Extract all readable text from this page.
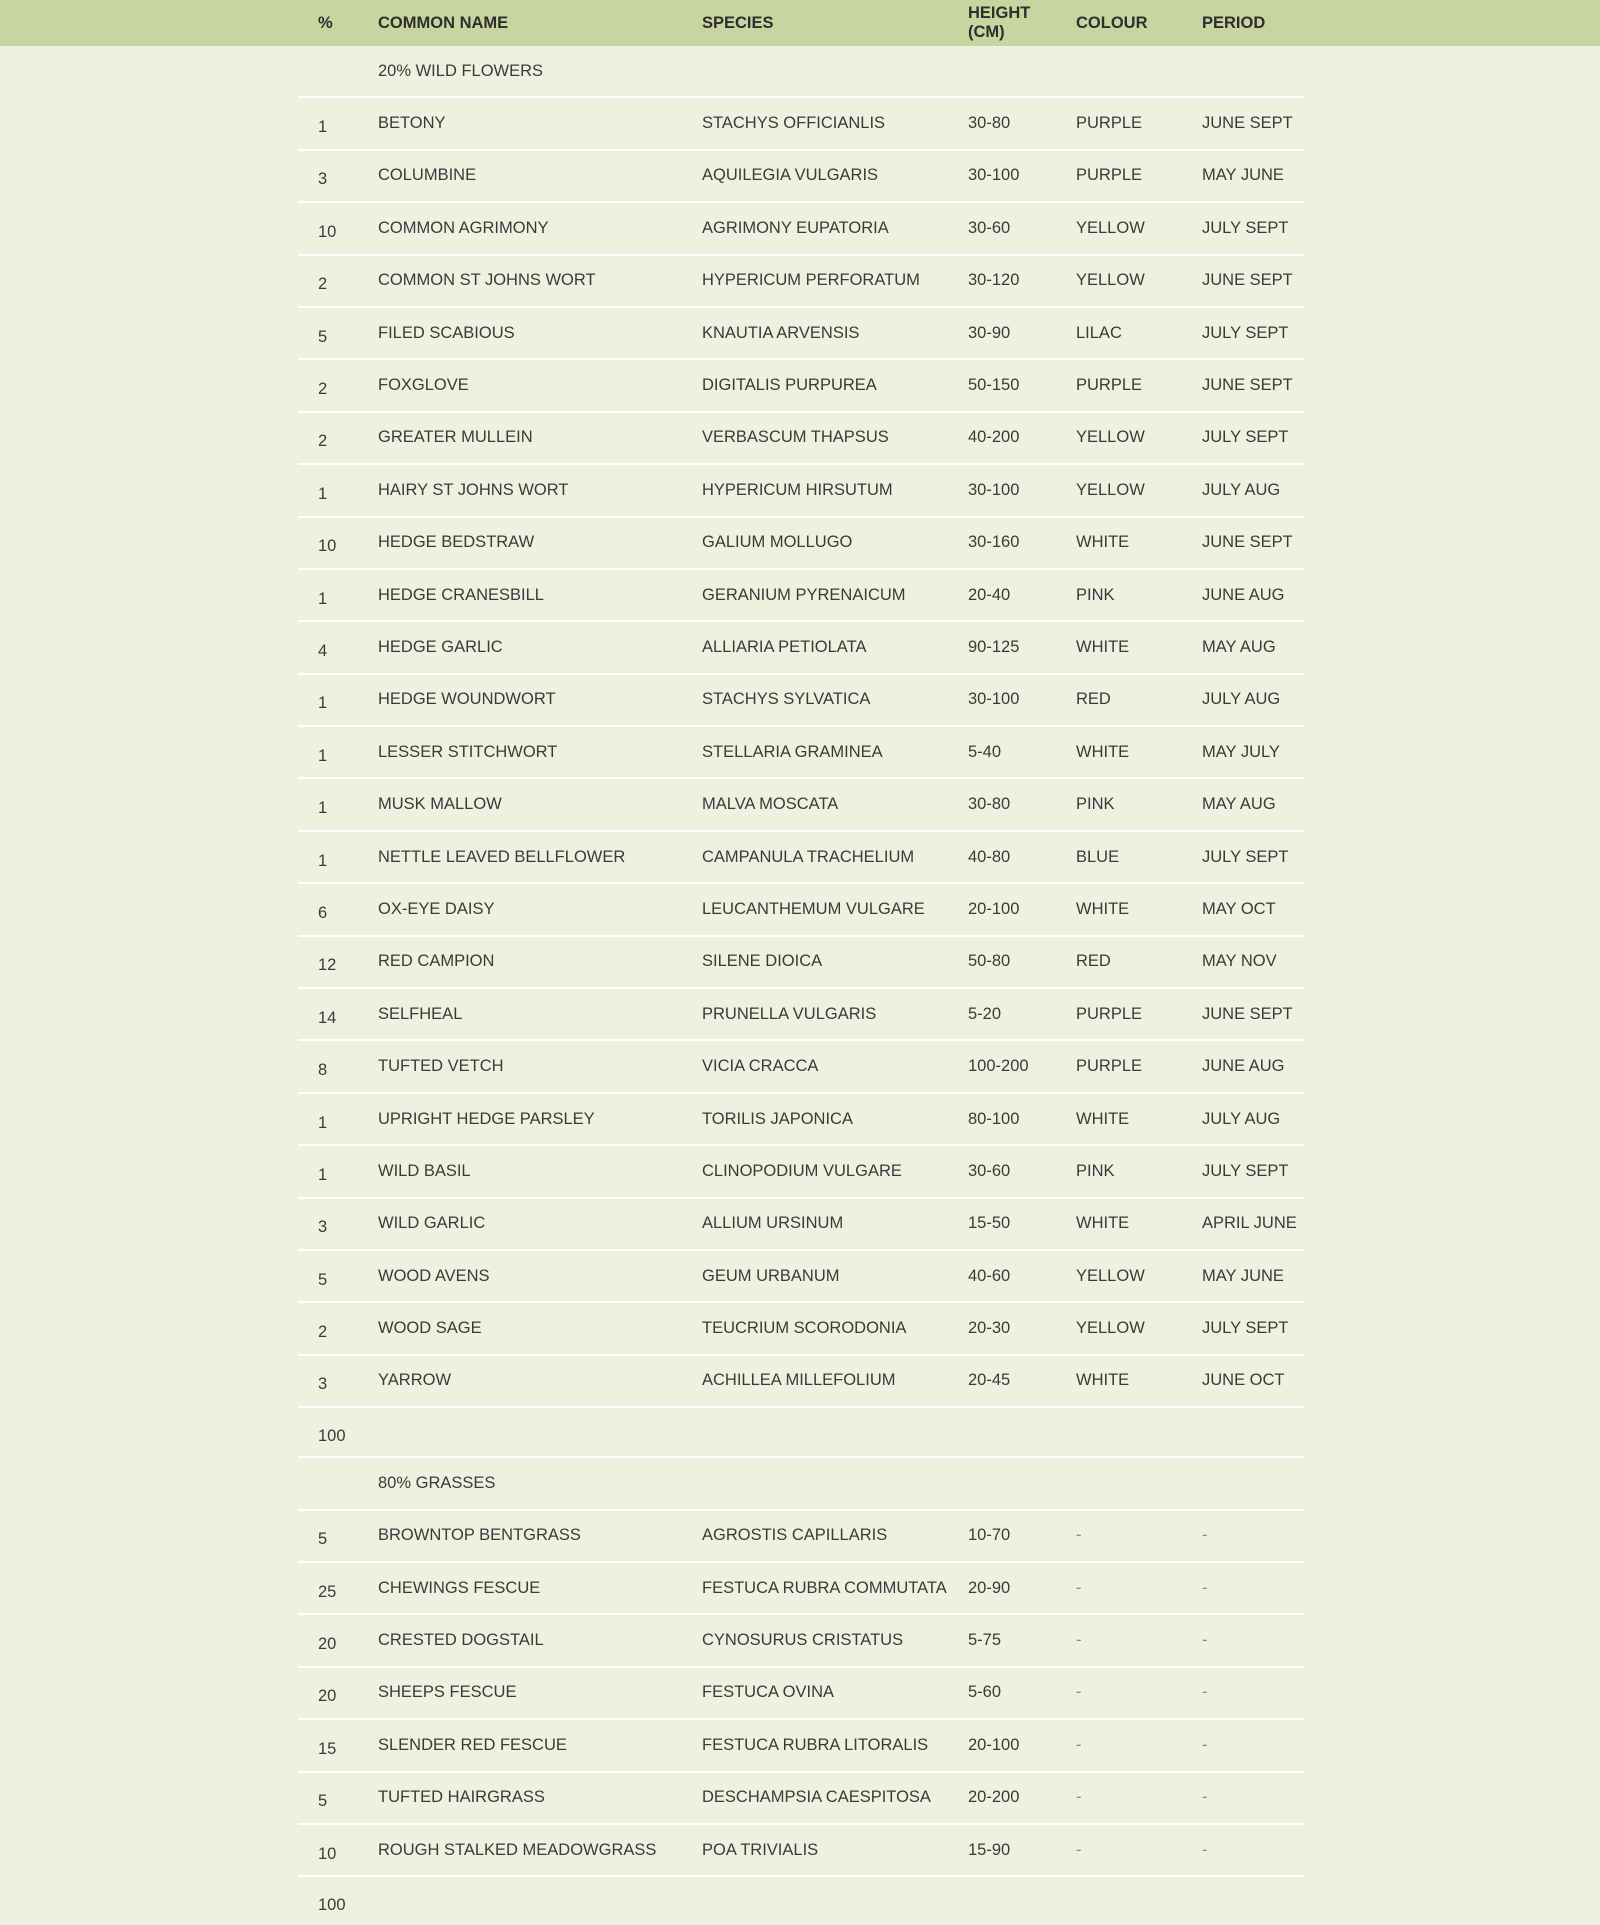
%	COMMON NAME	SPECIES	HEIGHT (CM)	COLOUR	PERIOD
	20% WILD FLOWERS				
1	BETONY	STACHYS OFFICIANLIS	30-80	PURPLE	JUNE SEPT
3	COLUMBINE	AQUILEGIA VULGARIS	30-100	PURPLE	MAY JUNE
10	COMMON AGRIMONY	AGRIMONY EUPATORIA	30-60	YELLOW	JULY SEPT
2	COMMON ST JOHNS WORT	HYPERICUM PERFORATUM	30-120	YELLOW	JUNE SEPT
5	FILED SCABIOUS	KNAUTIA ARVENSIS	30-90	LILAC	JULY SEPT
2	FOXGLOVE	DIGITALIS PURPUREA	50-150	PURPLE	JUNE SEPT
2	GREATER MULLEIN	VERBASCUM THAPSUS	40-200	YELLOW	JULY SEPT
1	HAIRY ST JOHNS WORT	HYPERICUM HIRSUTUM	30-100	YELLOW	JULY AUG
10	HEDGE BEDSTRAW	GALIUM MOLLUGO	30-160	WHITE	JUNE SEPT
1	HEDGE CRANESBILL	GERANIUM PYRENAICUM	20-40	PINK	JUNE AUG
4	HEDGE GARLIC	ALLIARIA PETIOLATA	90-125	WHITE	MAY AUG
1	HEDGE WOUNDWORT	STACHYS SYLVATICA	30-100	RED	JULY AUG
1	LESSER STITCHWORT	STELLARIA GRAMINEA	5-40	WHITE	MAY JULY
1	MUSK MALLOW	MALVA MOSCATA	30-80	PINK	MAY AUG
1	NETTLE LEAVED BELLFLOWER	CAMPANULA TRACHELIUM	40-80	BLUE	JULY SEPT
6	OX-EYE DAISY	LEUCANTHEMUM VULGARE	20-100	WHITE	MAY OCT
12	RED CAMPION	SILENE DIOICA	50-80	RED	MAY NOV
14	SELFHEAL	PRUNELLA VULGARIS	5-20	PURPLE	JUNE SEPT
8	TUFTED VETCH	VICIA CRACCA	100-200	PURPLE	JUNE AUG
1	UPRIGHT HEDGE PARSLEY	TORILIS JAPONICA	80-100	WHITE	JULY AUG
1	WILD BASIL	CLINOPODIUM VULGARE	30-60	PINK	JULY SEPT
3	WILD GARLIC	ALLIUM URSINUM	15-50	WHITE	APRIL JUNE
5	WOOD AVENS	GEUM URBANUM	40-60	YELLOW	MAY JUNE
2	WOOD SAGE	TEUCRIUM SCORODONIA	20-30	YELLOW	JULY SEPT
3	YARROW	ACHILLEA MILLEFOLIUM	20-45	WHITE	JUNE OCT
100					
	80% GRASSES				
5	BROWNTOP BENTGRASS	AGROSTIS CAPILLARIS	10-70	-	-
25	CHEWINGS FESCUE	FESTUCA RUBRA COMMUTATA	20-90	-	-
20	CRESTED DOGSTAIL	CYNOSURUS CRISTATUS	5-75	-	-
20	SHEEPS FESCUE	FESTUCA OVINA	5-60	-	-
15	SLENDER RED FESCUE	FESTUCA RUBRA LITORALIS	20-100	-	-
5	TUFTED HAIRGRASS	DESCHAMPSIA CAESPITOSA	20-200	-	-
10	ROUGH STALKED MEADOWGRASS	POA TRIVIALIS	15-90	-	-
100					
